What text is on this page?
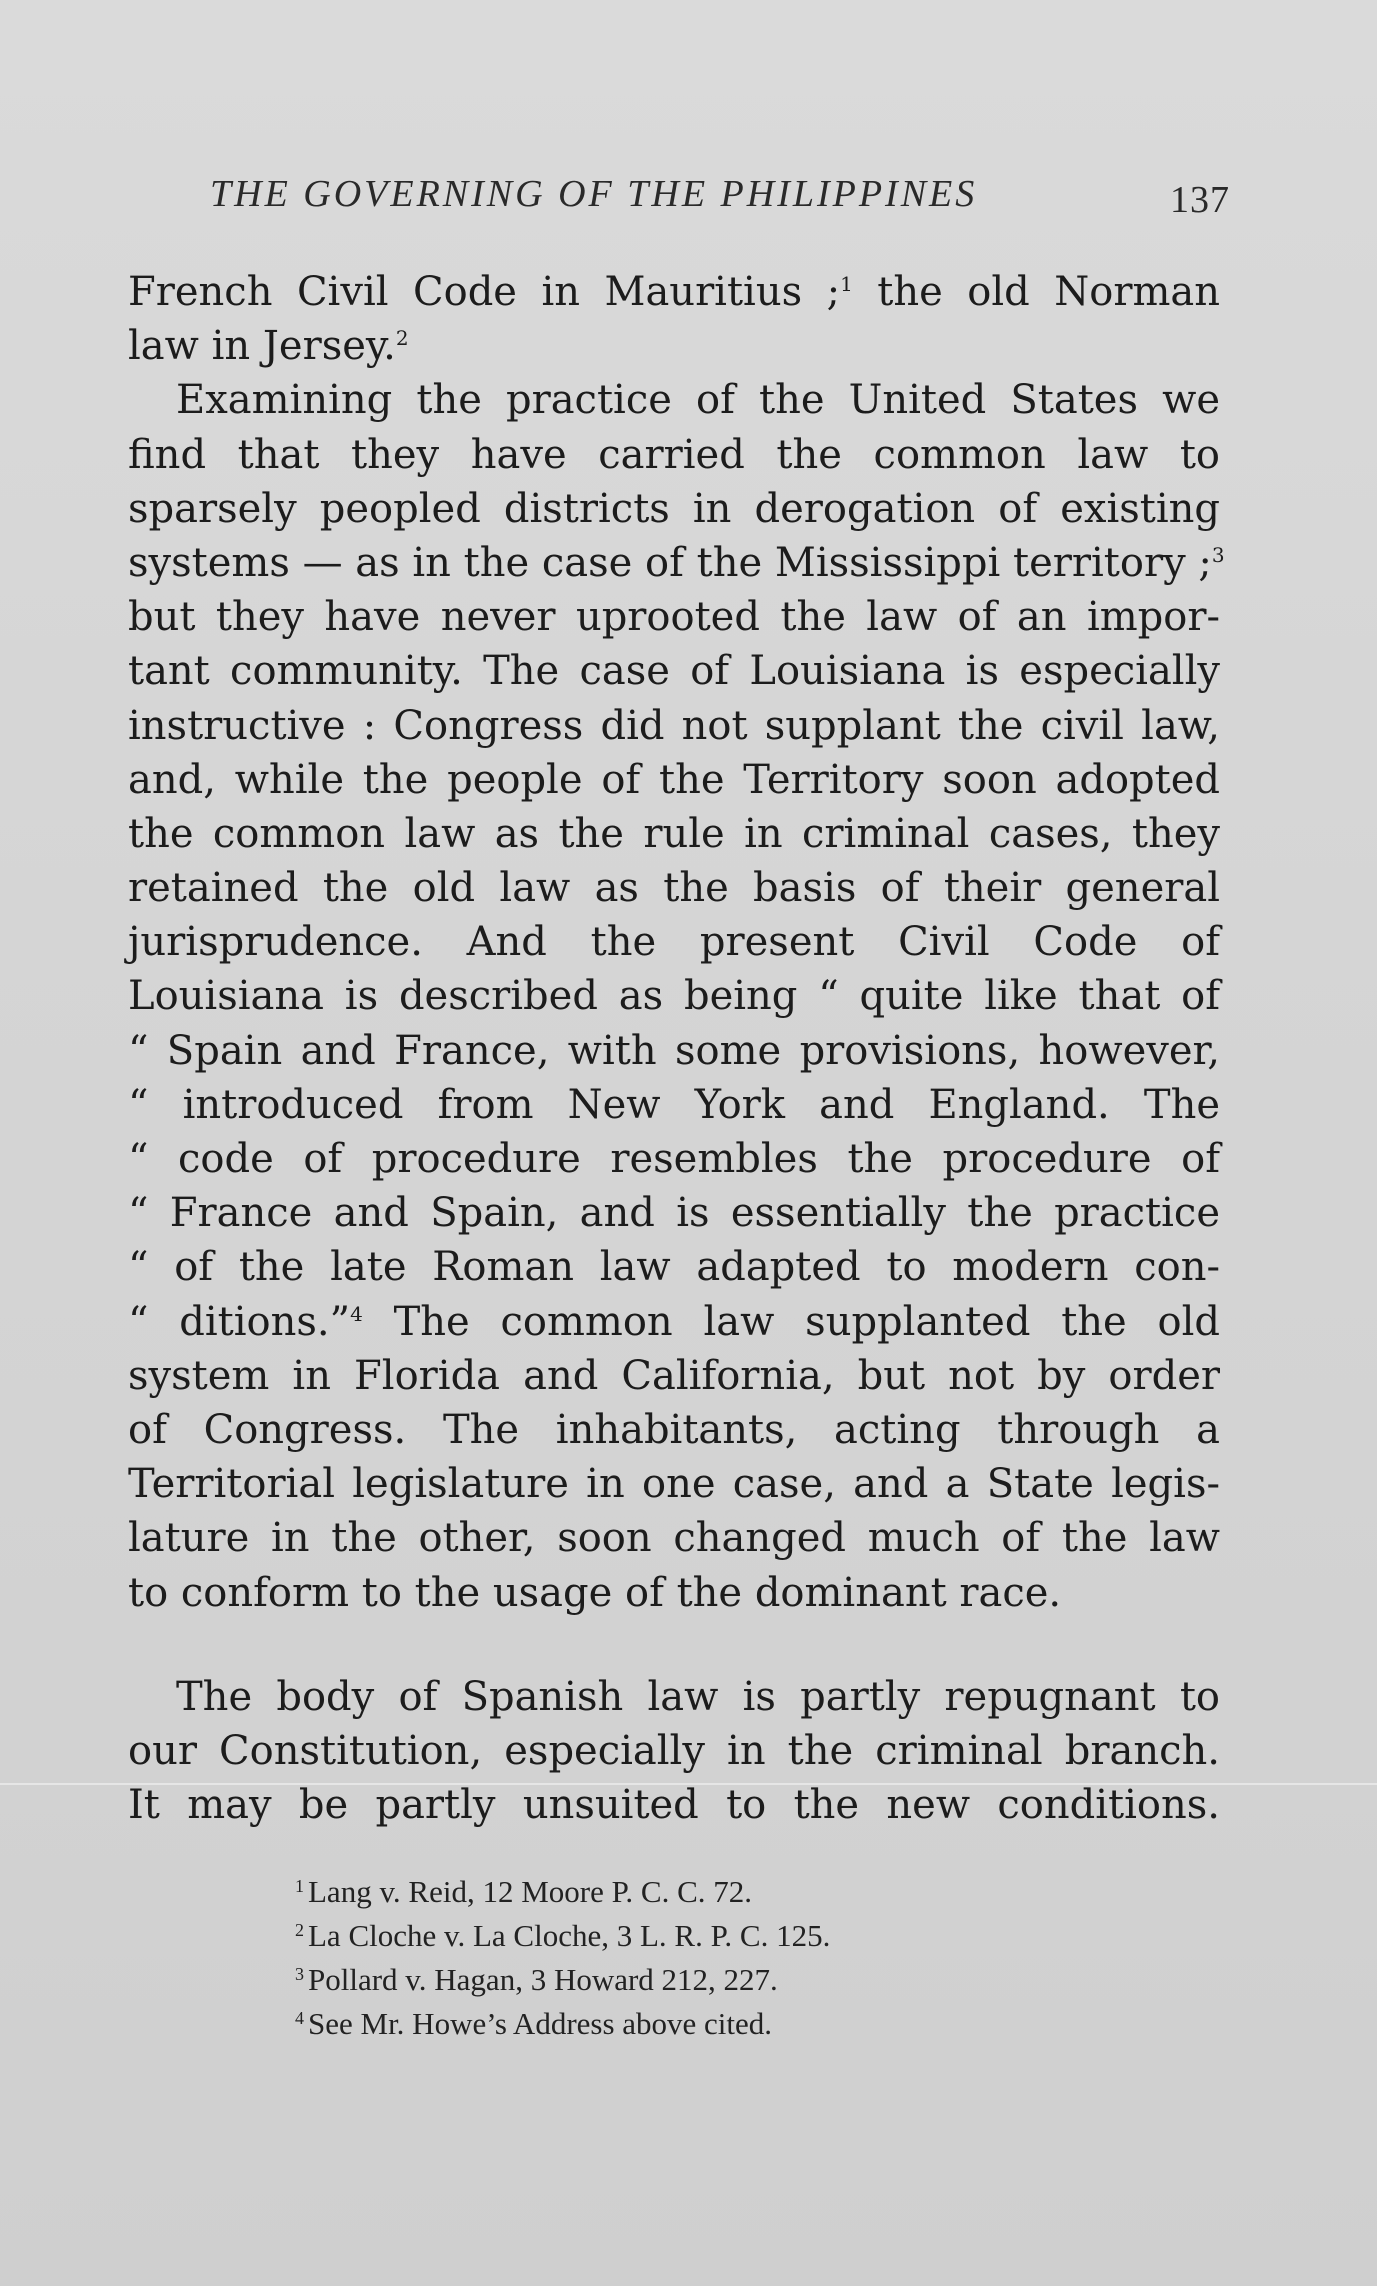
THE GOVERNING OF THE PHILIPPINES	137
French Civil Code in Mauritius ;$^1$ the old Norman
law in Jersey.$^2$
Examining the practice of the United States we
find that they have carried the common law to
sparsely peopled districts in derogation of existing
systems — as in the case of the Mississippi territory ;$^3$
but they have never uprooted the law of an impor-
tant community. The case of Louisiana is especially
instructive : Congress did not supplant the civil law,
and, while the people of the Territory soon adopted
the common law as the rule in criminal cases, they
retained the old law as the basis of their general
jurisprudence. And the present Civil Code of
Louisiana is described as being “ quite like that of
“ Spain and France, with some provisions, however,
“ introduced from New York and England. The
“ code of procedure resembles the procedure of
“ France and Spain, and is essentially the practice
“ of the late Roman law adapted to modern con-
“ ditions.”$^4$ The common law supplanted the old
system in Florida and California, but not by order
of Congress. The inhabitants, acting through a
Territorial legislature in one case, and a State legis-
lature in the other, soon changed much of the law
to conform to the usage of the dominant race.
The body of Spanish law is partly repugnant to
our Constitution, especially in the criminal branch.
It may be partly unsuited to the new conditions.
$^1$ Lang v. Reid, 12 Moore P. C. C. 72.
$^2$ La Cloche v. La Cloche, 3 L. R. P. C. 125.
$^3$ Pollard v. Hagan, 3 Howard 212, 227.
$^4$ See Mr. Howe’s Address above cited.
